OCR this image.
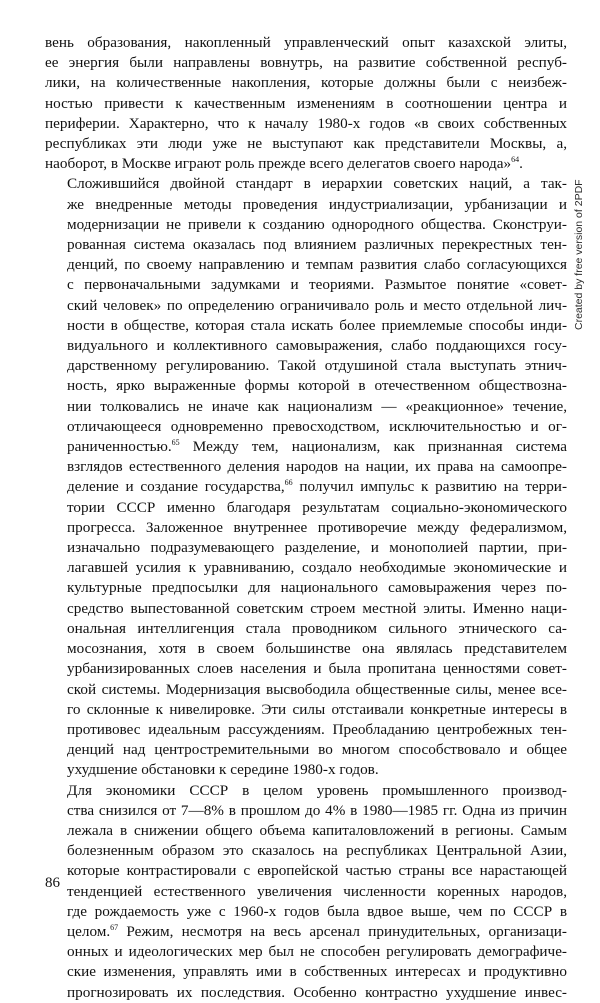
вень образования, накопленный управленческий опыт казахской элиты,
ее энергия были направлены вовнутрь, на развитие собственной респуб-
лики, на количественные накопления, которые должны были с неизбеж-
ностью привести к качественным изменениям в соотношении центра и
периферии. Характерно, что к началу 1980-х годов «в своих собственных
республиках эти люди уже не выступают как представители Москвы, а,
наоборот, в Москве играют роль прежде всего делегатов своего народа»$^{64}$.

Сложившийся двойной стандарт в иерархии советских наций, а так-
же внедренные методы проведения индустриализации, урбанизации и
модернизации не привели к созданию однородного общества. Сконструи-
рованная система оказалась под влиянием различных перекрестных тен-
денций, по своему направлению и темпам развития слабо согласующихся
с первоначальными задумками и теориями. Размытое понятие «совет-
ский человек» по определению ограничивало роль и место отдельной лич-
ности в обществе, которая стала искать более приемлемые способы инди-
видуального и коллективного самовыражения, слабо поддающихся госу-
дарственному регулированию. Такой отдушиной стала выступать этнич-
ность, ярко выраженные формы которой в отечественном обществозна-
нии толковались не иначе как национализм — «реакционное» течение,
отличающееся одновременно превосходством, исключительностью и ог-
раниченностью.$^{65}$ Между тем, национализм, как признанная система
взглядов естественного деления народов на нации, их права на самоопре-
деление и создание государства,$^{66}$ получил импульс к развитию на терри-
тории СССР именно благодаря результатам социально-экономического
прогресса. Заложенное внутреннее противоречие между федерализмом,
изначально подразумевающего разделение, и монополией партии, при-
лагавшей усилия к уравниванию, создало необходимые экономические и
культурные предпосылки для национального самовыражения через по-
средство выпестованной советским строем местной элиты. Именно наци-
ональная интеллигенция стала проводником сильного этнического са-
мосознания, хотя в своем большинстве она являлась представителем
урбанизированных слоев населения и была пропитана ценностями совет-
ской системы. Модернизация высвободила общественные силы, менее все-
го склонные к нивелировке. Эти силы отстаивали конкретные интересы в
противовес идеальным рассуждениям. Преобладанию центробежных тен-
денций над центростремительными во многом способствовало и общее
ухудшение обстановки к середине 1980-х годов.

Для экономики СССР в целом уровень промышленного производ-
ства снизился от 7—8% в прошлом до 4% в 1980—1985 гг. Одна из причин
лежала в снижении общего объема капиталовложений в регионы. Самым
болезненным образом это сказалось на республиках Центральной Азии,
которые контрастировали с европейской частью страны все нарастающей
тенденцией естественного увеличения численности коренных народов,
где рождаемость уже с 1960-х годов была вдвое выше, чем по СССР в
целом.$^{67}$ Режим, несмотря на весь арсенал принудительных, организаци-
онных и идеологических мер был не способен регулировать демографиче-
ские изменения, управлять ими в собственных интересах и продуктивно
прогнозировать их последствия. Особенно контрастно ухудшение инвес-

86
Created by free version of 2PDF
